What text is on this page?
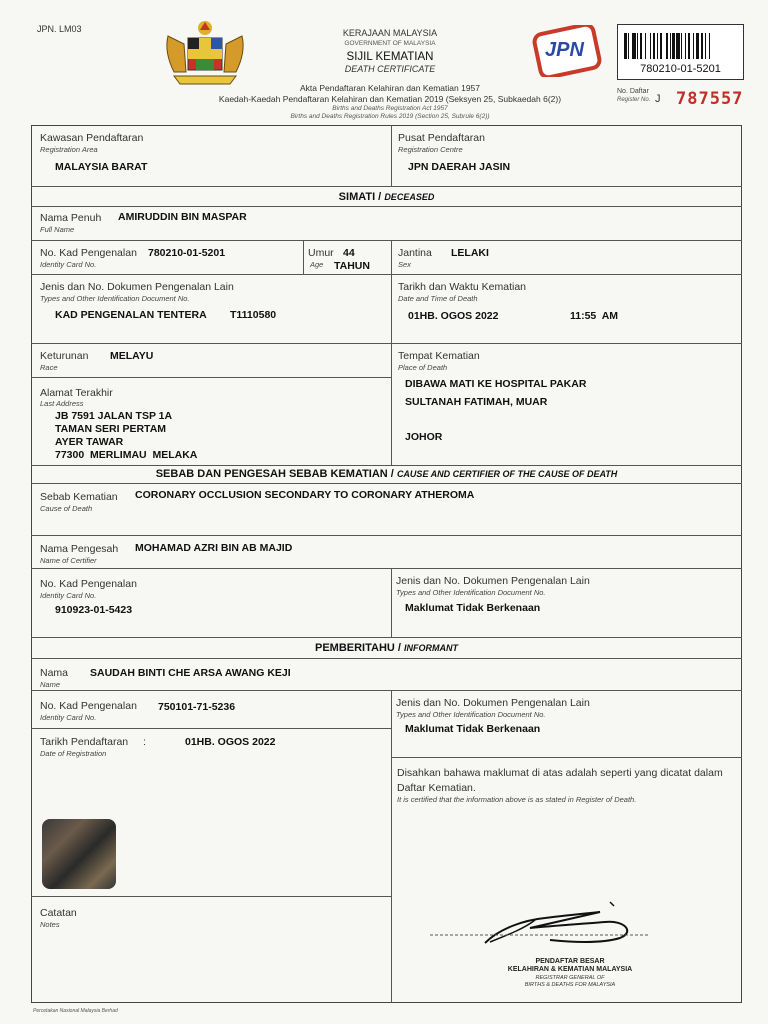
JPN. LM03	KERAJAAN MALAYSIA
GOVERNMENT OF MALAYSIA
SIJIL KEMATIAN
DEATH CERTIFICATE
Akta Pendaftaran Kelahiran dan Kematian 1957
Kaedah-Kaedah Pendaftaran Kelahiran dan Kematian 2019 (Seksyen 25, Subkaedah 6(2))
Births and Deaths Registration Act 1957
Births and Deaths Registration Rules 2019 (Section 25, Subrule 6(2))
JPN
780210-01-5201
No. Daftar
Register No. J 787557
Kawasan Pendaftaran
Registration Area
MALAYSIA BARAT
Pusat Pendaftaran
Registration Centre
JPN DAERAH JASIN
SIMATI / DECEASED
Nama Penuh
Full Name
AMIRUDDIN BIN MASPAR
No. Kad Pengenalan
Identity Card No.
780210-01-5201	Umur
Age
44
TAHUN
Jantina
Sex
LELAKI
Jenis dan No. Dokumen Pengenalan Lain
Types and Other Identification Document No.
KAD PENGENALAN TENTERA T1110580
Tarikh dan Waktu Kematian
Date and Time of Death
01HB. OGOS 2022	11:55  AM
Keturunan
Race
MELAYU	Tempat Kematian
Place of Death
DIBAWA MATI KE HOSPITAL PAKAR
SULTANAH FATIMAH, MUAR
JOHOR
Alamat Terakhir
Last Address
JB 7591 JALAN TSP 1A
TAMAN SERI PERTAM
AYER TAWAR
77300  MERLIMAU  MELAKA
SEBAB DAN PENGESAH SEBAB KEMATIAN / CAUSE AND CERTIFIER OF THE CAUSE OF DEATH
Sebab Kematian
Cause of Death
CORONARY OCCLUSION SECONDARY TO CORONARY ATHEROMA
Nama Pengesah
Name of Certifier
MOHAMAD AZRI BIN AB MAJID
No. Kad Pengenalan
Identity Card No.
910923-01-5423
Jenis dan No. Dokumen Pengenalan Lain
Types and Other Identification Document No.
Maklumat Tidak Berkenaan
PEMBERITAHU / INFORMANT
Nama
Name
SAUDAH BINTI CHE ARSA AWANG KEJI
No. Kad Pengenalan
Identity Card No.
750101-71-5236	Jenis dan No. Dokumen Pengenalan Lain
Types and Other Identification Document No.
Maklumat Tidak Berkenaan
Tarikh Pendaftaran :
Date of Registration
01HB. OGOS 2022
Disahkan bahawa maklumat di atas adalah seperti yang dicatat dalam Daftar Kematian.
It is certified that the information above is as stated in Register of Death.
Catatan
Notes
PENDAFTAR BESAR
KELAHIRAN & KEMATIAN MALAYSIA
REGISTRAR GENERAL OF
BIRTHS & DEATHS FOR MALAYSIA
Percetakan Nasional Malaysia Berhad
